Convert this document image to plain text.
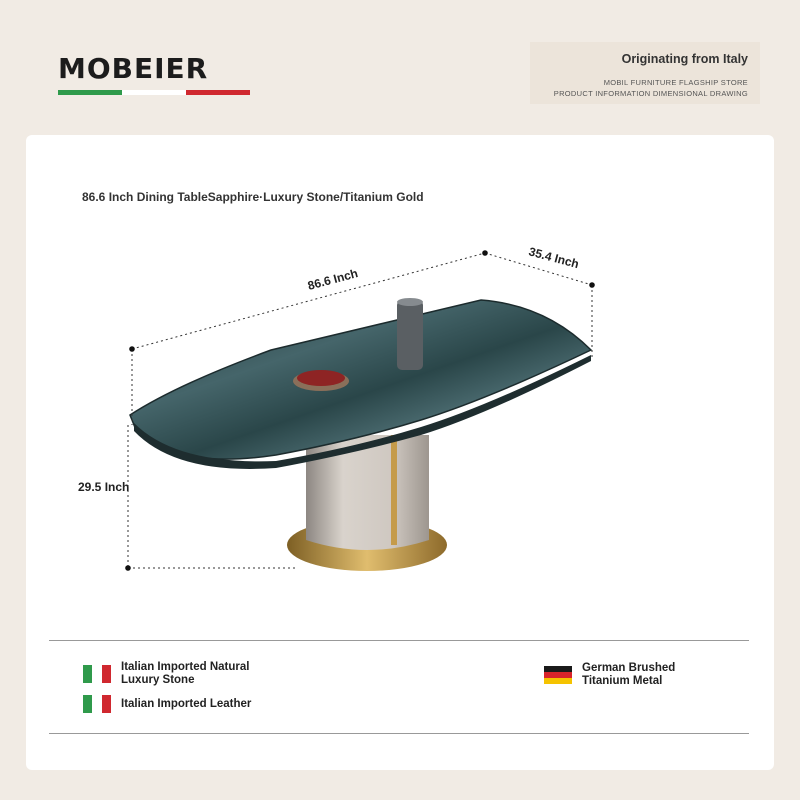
MOBEIER	Originating from Italy
MOBIL FURNITURE FLAGSHIP STORE
PRODUCT INFORMATION DIMENSIONAL DRAWING
86.6 Inch Dining TableSapphire·Luxury Stone/Titanium Gold
86.6 Inch
35.4 Inch
29.5 Inch
Italian Imported Natural Luxury Stone
Italian Imported Leather
German Brushed Titanium Metal
